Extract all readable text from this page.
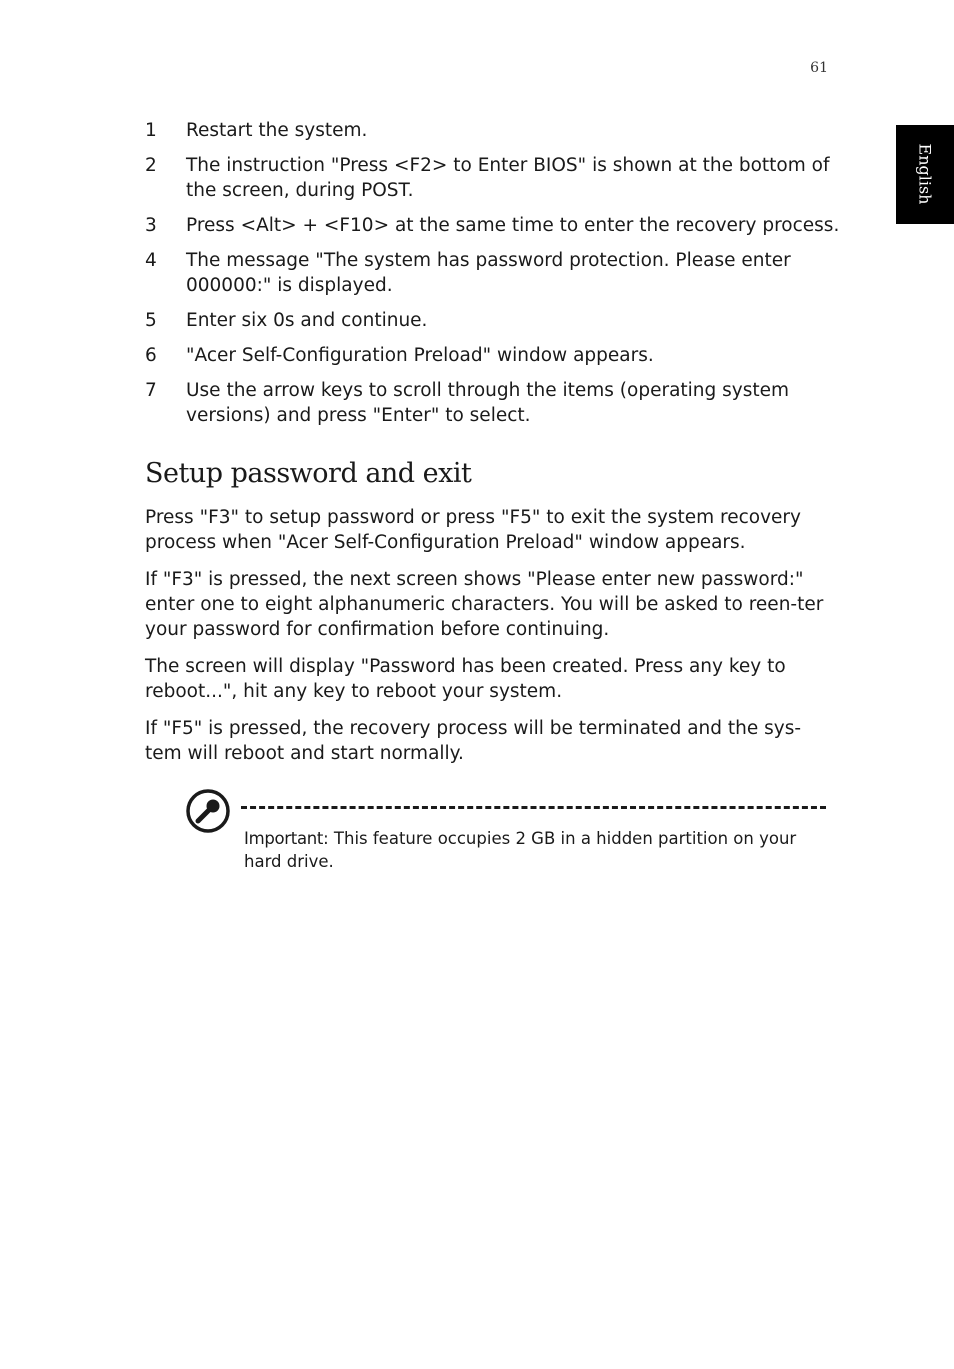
61
English
1 Restart the system.
2 The instruction "Press <F2> to Enter BIOS" is shown at the bottom of the screen, during POST.
3 Press <Alt> + <F10> at the same time to enter the recovery process.
4 The message "The system has password protection. Please enter 000000:" is displayed.
5 Enter six 0s and continue.
6 "Acer Self-Configuration Preload" window appears.
7 Use the arrow keys to scroll through the items (operating system versions) and press "Enter" to select.
Setup password and exit

Press "F3" to setup password or press "F5" to exit the system recovery process when "Acer Self-Configuration Preload" window appears.

If "F3" is pressed, the next screen shows "Please enter new password:" enter one to eight alphanumeric characters. You will be asked to reen-ter your password for confirmation before continuing.

The screen will display "Password has been created. Press any key to reboot...", hit any key to reboot your system.

If "F5" is pressed, the recovery process will be terminated and the sys-tem will reboot and start normally.

Important: This feature occupies 2 GB in a hidden partition on your hard drive.
